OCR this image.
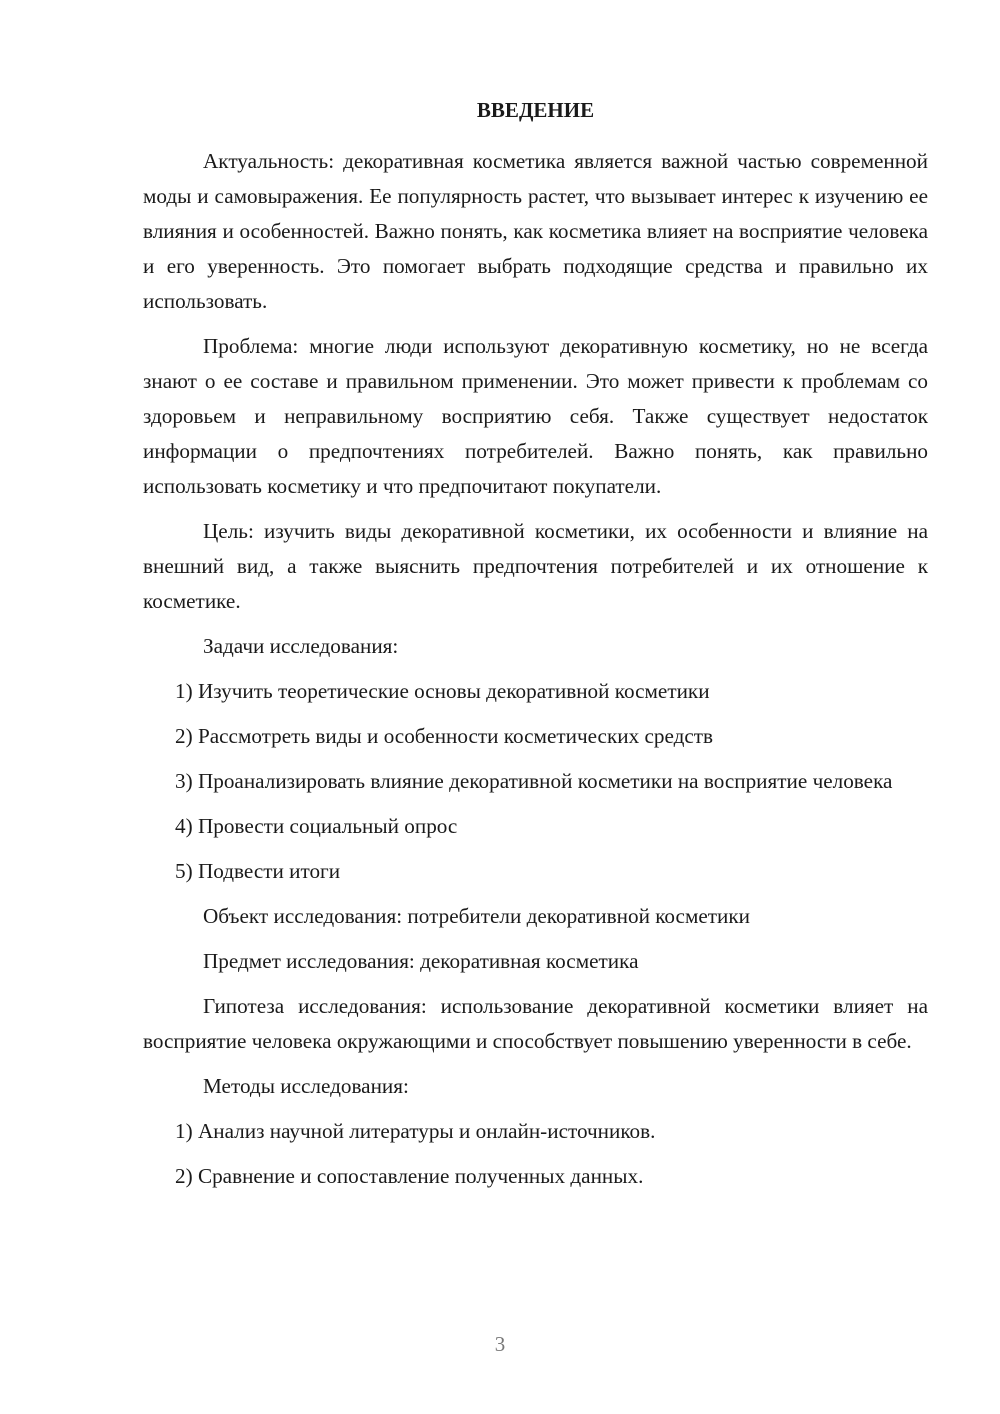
ВВЕДЕНИЕ

Актуальность: декоративная косметика является важной частью современной моды и самовыражения. Ее популярность растет, что вызывает интерес к изучению ее влияния и особенностей. Важно понять, как косметика влияет на восприятие человека и его уверенность. Это помогает выбрать подходящие средства и правильно их использовать.

Проблема: многие люди используют декоративную косметику, но не всегда знают о ее составе и правильном применении. Это может привести к проблемам со здоровьем и неправильному восприятию себя. Также существует недостаток информации о предпочтениях потребителей. Важно понять, как правильно использовать косметику и что предпочитают покупатели.

Цель: изучить виды декоративной косметики, их особенности и влияние на внешний вид, а также выяснить предпочтения потребителей и их отношение к косметике.

Задачи исследования:

1) Изучить теоретические основы декоративной косметики

2) Рассмотреть виды и особенности косметических средств

3) Проанализировать влияние декоративной косметики на восприятие человека

4) Провести социальный опрос

5) Подвести итоги

Объект исследования: потребители декоративной косметики

Предмет исследования: декоративная косметика

Гипотеза исследования: использование декоративной косметики влияет на восприятие человека окружающими и способствует повышению уверенности в себе.

Методы исследования:

1) Анализ научной литературы и онлайн-источников.

2) Сравнение и сопоставление полученных данных.

3
